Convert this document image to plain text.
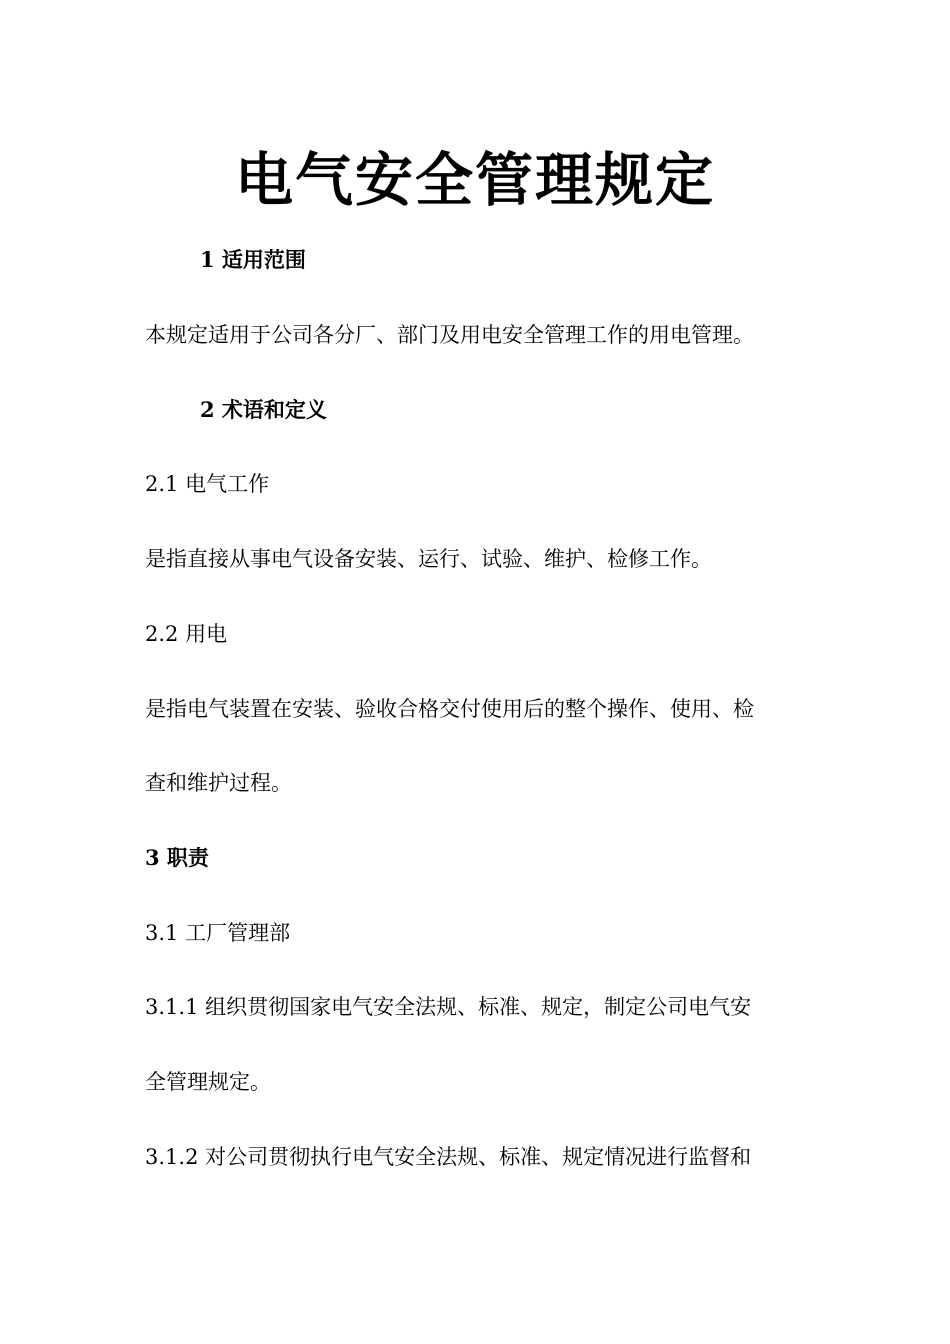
电气安全管理规定
1 适用范围
本规定适用于公司各分厂、部门及用电安全管理工作的用电管理。
2 术语和定义
2.1 电气工作
是指直接从事电气设备安装、运行、试验、维护、检修工作。
2.2 用电
是指电气装置在安装、验收合格交付使用后的整个操作、使用、检
查和维护过程。
3 职责
3.1 工厂管理部
3.1.1 组织贯彻国家电气安全法规、标准、规定，制定公司电气安
全管理规定。
3.1.2 对公司贯彻执行电气安全法规、标准、规定情况进行监督和
